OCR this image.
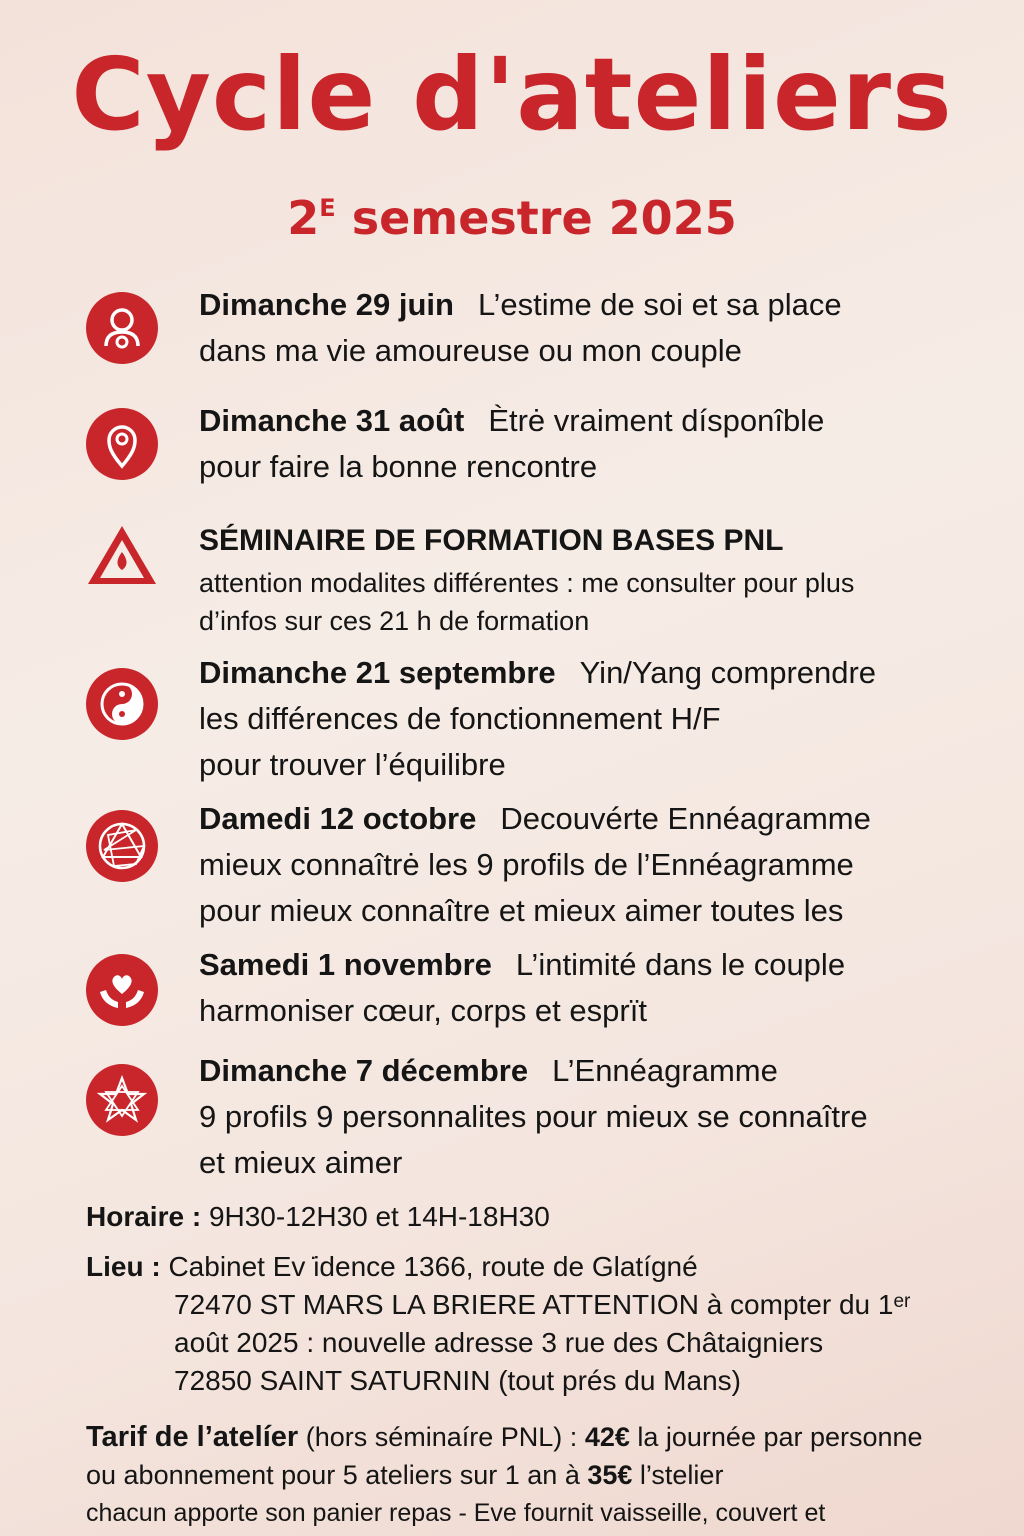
Cycle d'ateliers
$2^E$ semestre 2025
Dimanche 29 juin L’estime de soi et sa place
dans ma vie amoureuse ou mon couple
Dimanche 31 août Ètrė vraiment dísponîble
pour faire la bonne rencontre
SÉMINAIRE DE FORMATION BASES PNL
attention modalites différentes : me consulter pour plus
d’infos sur ces 21 h de formation
Dimanche 21 septembre Yin/Yang comprendre
les différences de fonctionnement H/F
pour trouver l’équilibre
Damedi 12 octobre Decouvérte Ennéagramme
mieux connaîtrė les 9 profils de l’Ennéagramme
pour mieux connaître et mieux aimer toutes les
Samedi 1 novembre L’intimité dans le couple
harmoniser cœur, corps et esprït
Dimanche 7 décembre L’Ennéagramme
9 profils 9 personnalites pour mieux se connaître
et mieux aimer
Horaire : 9H30-12H30 et 14H-18H30
Lieu : Cabinet Ev ̇idence 1366, route de Glatígné
72470 ST MARS LA BRIERE ATTENTION à compter du 1ᵉʳ
août 2025 : nouvelle adresse 3 rue des Châtaigniers
72850 SAINT SATURNIN (tout prés du Mans)
Tarif de l’atelíer (hors séminaíre PNL) : 42€ la journée par personne
ou abonnement pour 5 ateliers sur 1 an à 35€ l’stelier
chacun apporte son panier repas - Eve fournit vaisseille, couvert et
